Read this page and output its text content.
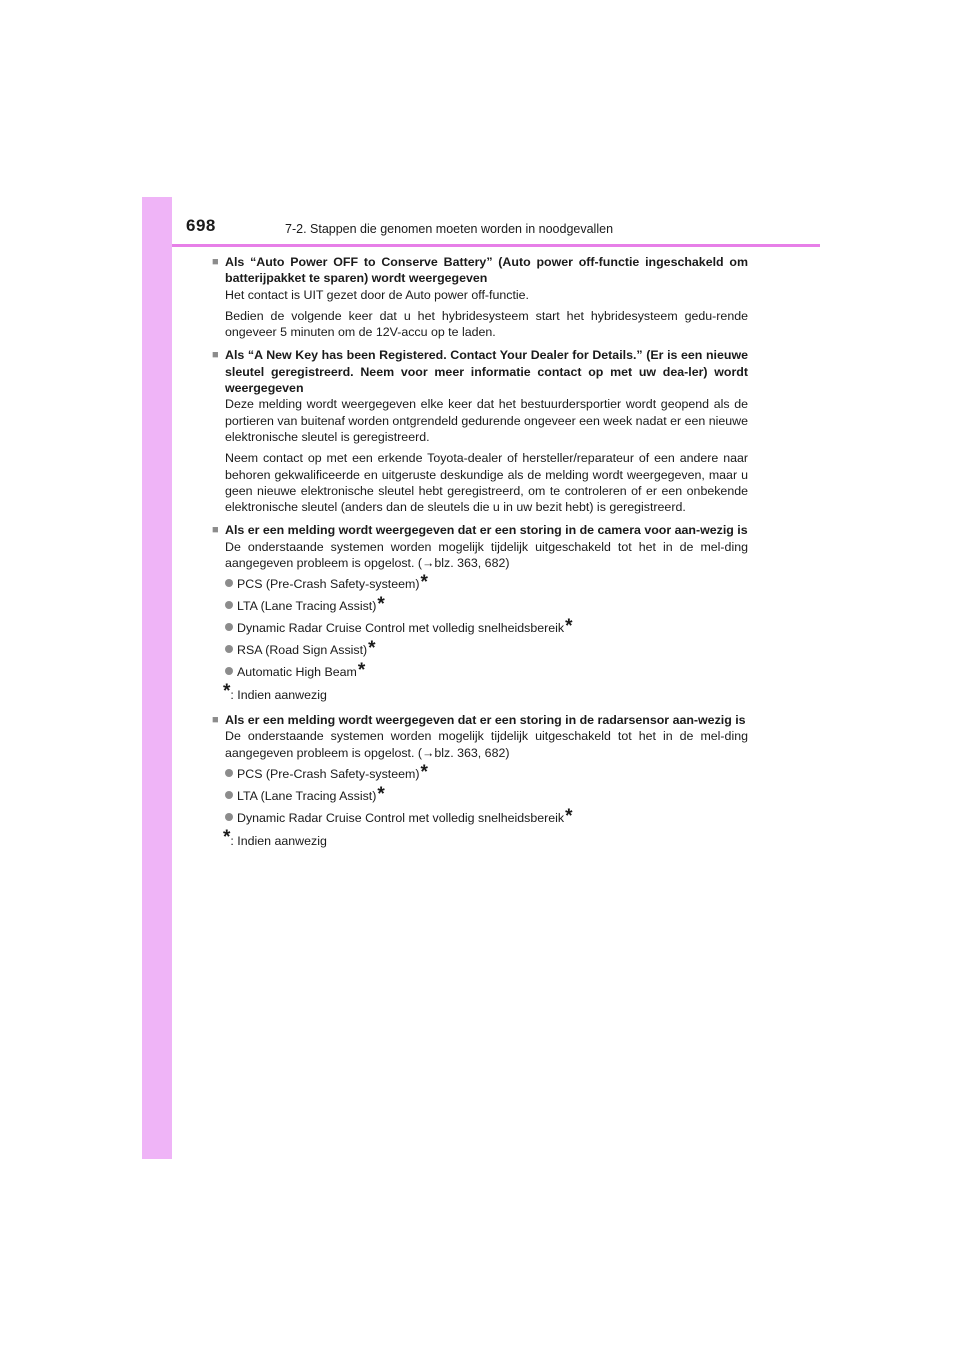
698	7-2. Stappen die genomen moeten worden in noodgevallen
■ Als “Auto Power OFF to Conserve Battery” (Auto power off-functie ingeschakeld om batterijpakket te sparen) wordt weergegeven
Het contact is UIT gezet door de Auto power off-functie.
Bedien de volgende keer dat u het hybridesysteem start het hybridesysteem gedu-rende ongeveer 5 minuten om de 12V-accu op te laden.
■ Als “A New Key has been Registered. Contact Your Dealer for Details.” (Er is een nieuwe sleutel geregistreerd. Neem voor meer informatie contact op met uw dea-ler) wordt weergegeven
Deze melding wordt weergegeven elke keer dat het bestuurdersportier wordt geopend als de portieren van buitenaf worden ontgrendeld gedurende ongeveer een week nadat er een nieuwe elektronische sleutel is geregistreerd.
Neem contact op met een erkende Toyota-dealer of hersteller/reparateur of een andere naar behoren gekwalificeerde en uitgeruste deskundige als de melding wordt weergegeven, maar u geen nieuwe elektronische sleutel hebt geregistreerd, om te controleren of er een onbekende elektronische sleutel (anders dan de sleutels die u in uw bezit hebt) is geregistreerd.
■ Als er een melding wordt weergegeven dat er een storing in de camera voor aan-wezig is
De onderstaande systemen worden mogelijk tijdelijk uitgeschakeld tot het in de mel-ding aangegeven probleem is opgelost. (→blz. 363, 682)
PCS (Pre-Crash Safety-systeem) *
LTA (Lane Tracing Assist) *
Dynamic Radar Cruise Control met volledig snelheidsbereik *
RSA (Road Sign Assist) *
Automatic High Beam *
*: Indien aanwezig
■ Als er een melding wordt weergegeven dat er een storing in de radarsensor aan-wezig is
De onderstaande systemen worden mogelijk tijdelijk uitgeschakeld tot het in de mel-ding aangegeven probleem is opgelost. (→blz. 363, 682)
PCS (Pre-Crash Safety-systeem) *
LTA (Lane Tracing Assist) *
Dynamic Radar Cruise Control met volledig snelheidsbereik *
*: Indien aanwezig
